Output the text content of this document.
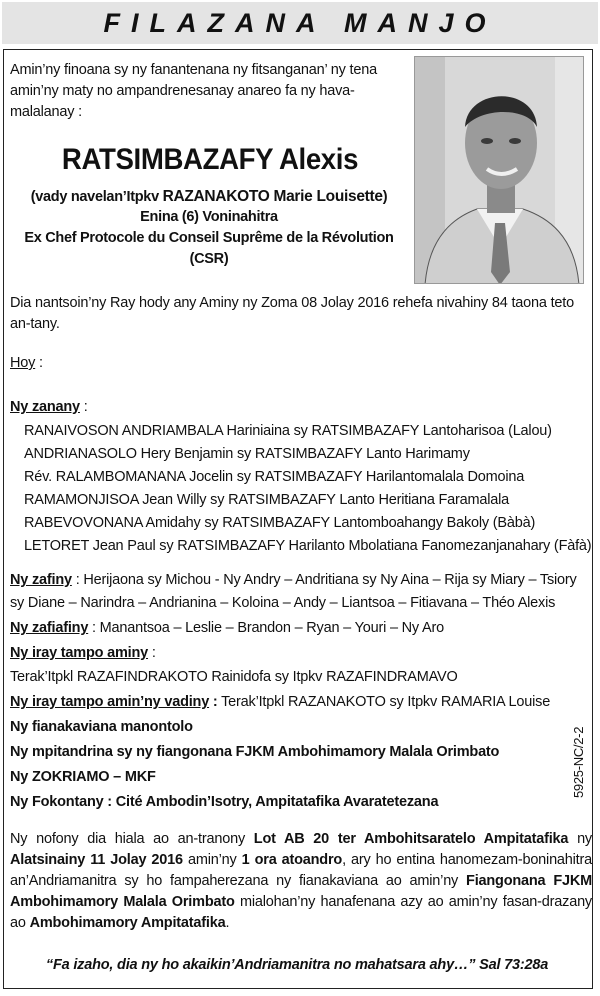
FILAZANA MANJO
Amin’ny finoana sy ny fanantenana ny fitsanganan’ ny tena amin’ny maty no ampandrenesanay anareo fa ny hava-malalanay :
RATSIMBAZAFY Alexis
(vady navelan’Itpkv RAZANAKOTO Marie Louisette)
Enina (6) Voninahitra
Ex Chef Protocole du Conseil Suprême de la Révolution
(CSR)
Dia nantsoin’ny Ray hody any Aminy ny Zoma 08 Jolay 2016 rehefa nivahiny 84 taona teto an-tany.
Hoy :
Ny zanany :
RANAIVOSON ANDRIAMBALA Hariniaina sy RATSIMBAZAFY Lantoharisoa (Lalou)
ANDRIANASOLO Hery Benjamin sy RATSIMBAZAFY Lanto Harimamy
Rév. RALAMBOMANANA Jocelin sy RATSIMBAZAFY Harilantomalala Domoina
RAMAMONJISOA Jean Willy sy RATSIMBAZAFY Lanto Heritiana Faramalala
RABEVOVONANA Amidahy sy RATSIMBAZAFY Lantomboahangy Bakoly (Bàbà)
LETORET Jean Paul sy RATSIMBAZAFY Harilanto Mbolatiana Fanomezanjanahary (Fàfà)
Ny zafiny : Herijaona sy Michou - Ny Andry – Andritiana sy Ny Aina – Rija sy Miary – Tsiory
sy Diane – Narindra – Andrianina – Koloina – Andy – Liantsoa – Fitiavana – Théo Alexis
Ny zafiafiny : Manantsoa – Leslie – Brandon – Ryan – Youri – Ny Aro
Ny iray tampo aminy :
Terak’Itpkl RAZAFINDRAKOTO Rainidofa sy Itpkv RAZAFINDRAMAVO
Ny iray tampo amin’ny vadiny : Terak’Itpkl RAZANAKOTO sy Itpkv RAMARIA Louise
Ny fianakaviana manontolo
Ny mpitandrina sy ny fiangonana FJKM Ambohimamory Malala Orimbato
Ny ZOKRIAMO – MKF
Ny Fokontany : Cité Ambodin’Isotry, Ampitatafika Avaratetezana
5925-NC/2-2
Ny nofony dia hiala ao an-tranony Lot AB 20 ter Ambohitsaratelo Ampitatafika ny Alatsinainy 11 Jolay 2016 amin’ny 1 ora atoandro, ary ho entina hanomezam-boninahitra an’Andriamanitra sy ho fampaherezana ny fianakaviana ao amin’ny Fiangonana FJKM Ambohimamory Malala Orimbato mialohan’ny hanafenana azy ao amin’ny fasan-drazany ao Ambohimamory Ampitatafika.
“Fa izaho, dia ny ho akaikin’Andriamanitra no mahatsara ahy…” Sal 73:28a
